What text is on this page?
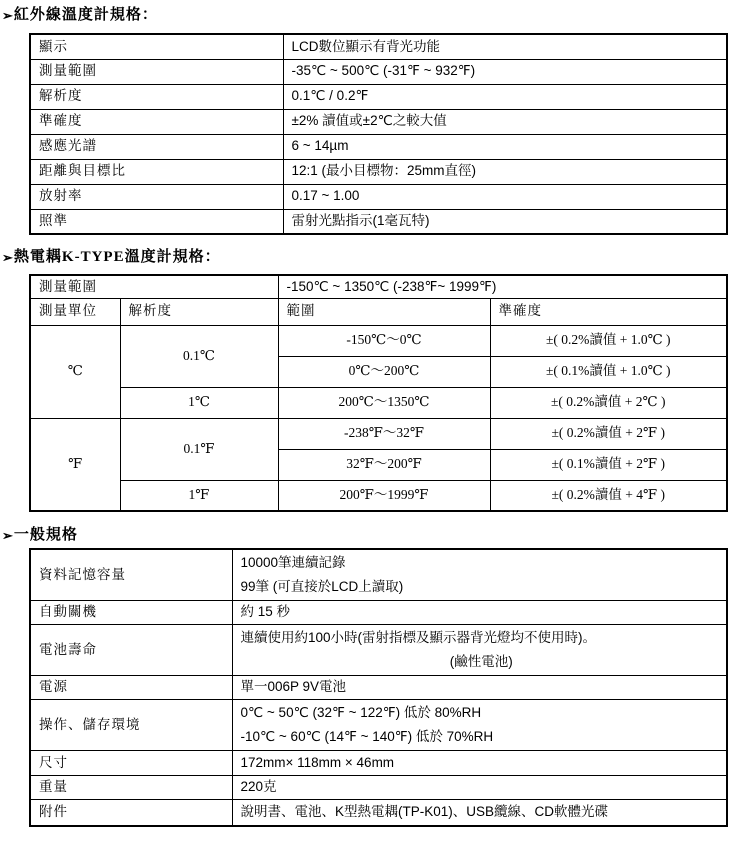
➢ 紅外線溫度計規格：
顯示	LCD數位顯示有背光功能
測量範圍	-35℃ ~ 500℃ (-31℉ ~ 932℉)
解析度	0.1℃ / 0.2℉
準確度	±2% 讀值或±2℃之較大值
感應光譜	6 ~ 14µm
距離與目標比	12:1 (最小目標物：25mm直徑)
放射率	0.17 ~ 1.00
照準	雷射光點指示(1毫瓦特)
➢ 熱電耦K-TYPE溫度計規格：
測量範圍		-150℃ ~ 1350℃ (-238℉~ 1999℉)	
測量單位	解析度	範圍	準確度
℃	0.1℃	-150℃～0℃	±( 0.2%讀值 + 1.0℃ )
		0℃～200℃	±( 0.1%讀值 + 1.0℃ )
	1℃	200℃～1350℃	±( 0.2%讀值 + 2℃ )
℉	0.1℉	-238℉～32℉	±( 0.2%讀值 + 2℉ )
		32℉～200℉	±( 0.1%讀值 + 2℉ )
	1℉	200℉～1999℉	±( 0.2%讀值 + 4℉ )
➢ 一般規格
資料記憶容量	10000筆連續記錄
99筆 (可直接於LCD上讀取)

自動關機	約 15 秒
電池壽命	連續使用約100小時(雷射指標及顯示器背光燈均不使用時)。
(鹼性電池)

電源	單一006P 9V電池
操作、儲存環境	0℃ ~ 50℃ (32℉ ~ 122℉) 低於 80%RH
-10℃ ~ 60℃ (14℉ ~ 140℉) 低於 70%RH

尺寸	172mm× 118mm × 46mm
重量	220克
附件	說明書、電池、K型熱電耦(TP-K01)、USB纜線、CD軟體光碟
